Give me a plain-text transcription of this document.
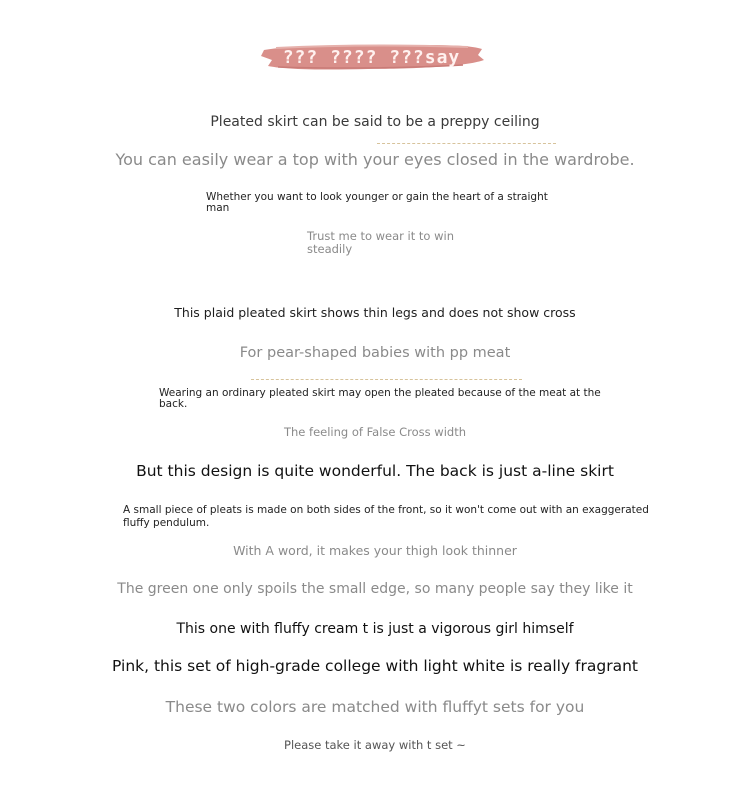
??? ???? ???say
Pleated skirt can be said to be a preppy ceiling
You can easily wear a top with your eyes closed in the wardrobe.
Whether you want to look younger or gain the heart of a straight man
Trust me to wear it to win steadily
This plaid pleated skirt shows thin legs and does not show cross
For pear-shaped babies with pp meat
Wearing an ordinary pleated skirt may open the pleated because of the meat at the back.
The feeling of False Cross width
But this design is quite wonderful. The back is just a-line skirt
A small piece of pleats is made on both sides of the front, so it won't come out with an exaggerated fluffy pendulum.
With A word, it makes your thigh look thinner
The green one only spoils the small edge, so many people say they like it
This one with fluffy cream t is just a vigorous girl himself
Pink, this set of high-grade college with light white is really fragrant
These two colors are matched with fluffyt sets for you
Please take it away with t set ~
